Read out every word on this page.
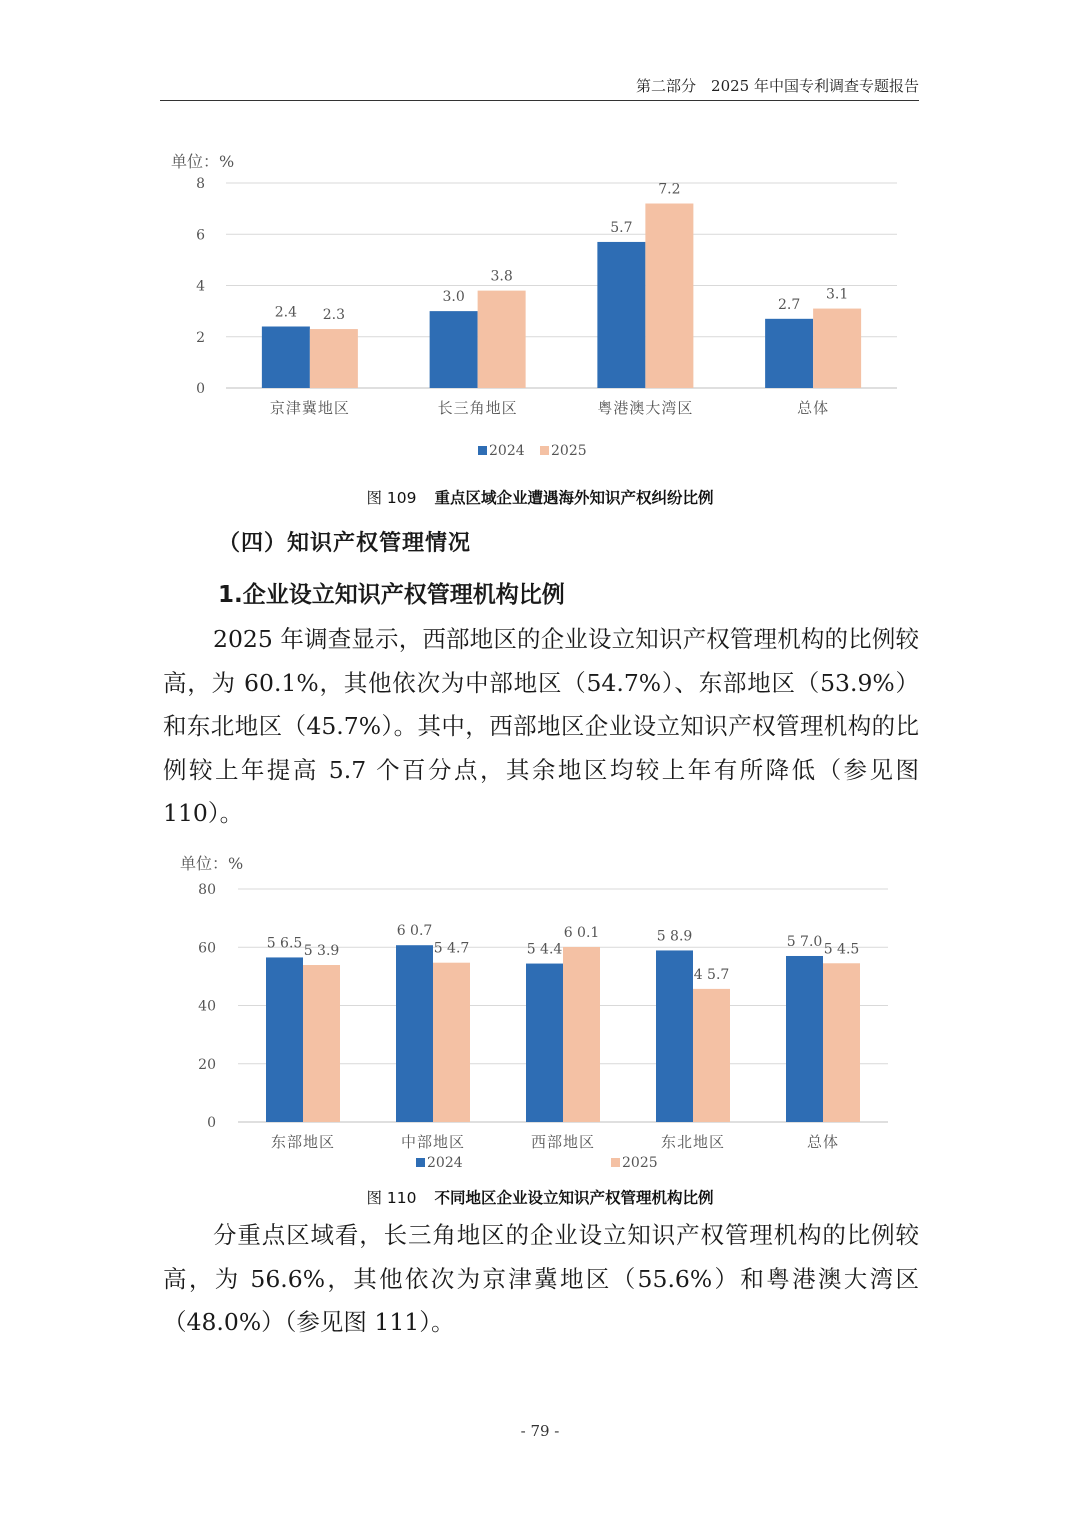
第二部分　2025 年中国专利调查专题报告
单位：%
0
2
4
6
8
2.4 2.3
京津冀地区
3.0
3.8
长三角地区
5.7
7.2
粤港澳大湾区
2.7
3.1
总体
2024 2025
图 109 重点区域企业遭遇海外知识产权纠纷比例
（四）知识产权管理情况
1.企业设立知识产权管理机构比例

2025 年调查显示，西部地区的企业设立知识产权管理机构的比例较高，为 60.1%，其他依次为中部地区（54.7%）、东部地区（53.9%）和东北地区（45.7%）。其中，西部地区企业设立知识产权管理机构的比例较上年提高 5.7 个百分点，其余地区均较上年有所降低（参见图 110）。

单位：%
0
20
40
60
80
5 6.5 5 3.9
东部地区
6 0.7
5 4.7
中部地区
5 4.4
6 0.1
西部地区
5 8.9
4 5.7
东北地区
5 7.0 5 4.5
总体
2024	2025
图 110 不同地区企业设立知识产权管理机构比例

分重点区域看，长三角地区的企业设立知识产权管理机构的比例较高，为 56.6%，其他依次为京津冀地区（55.6%）和粤港澳大湾区（48.0%）（参见图 111）。

- 79 -
